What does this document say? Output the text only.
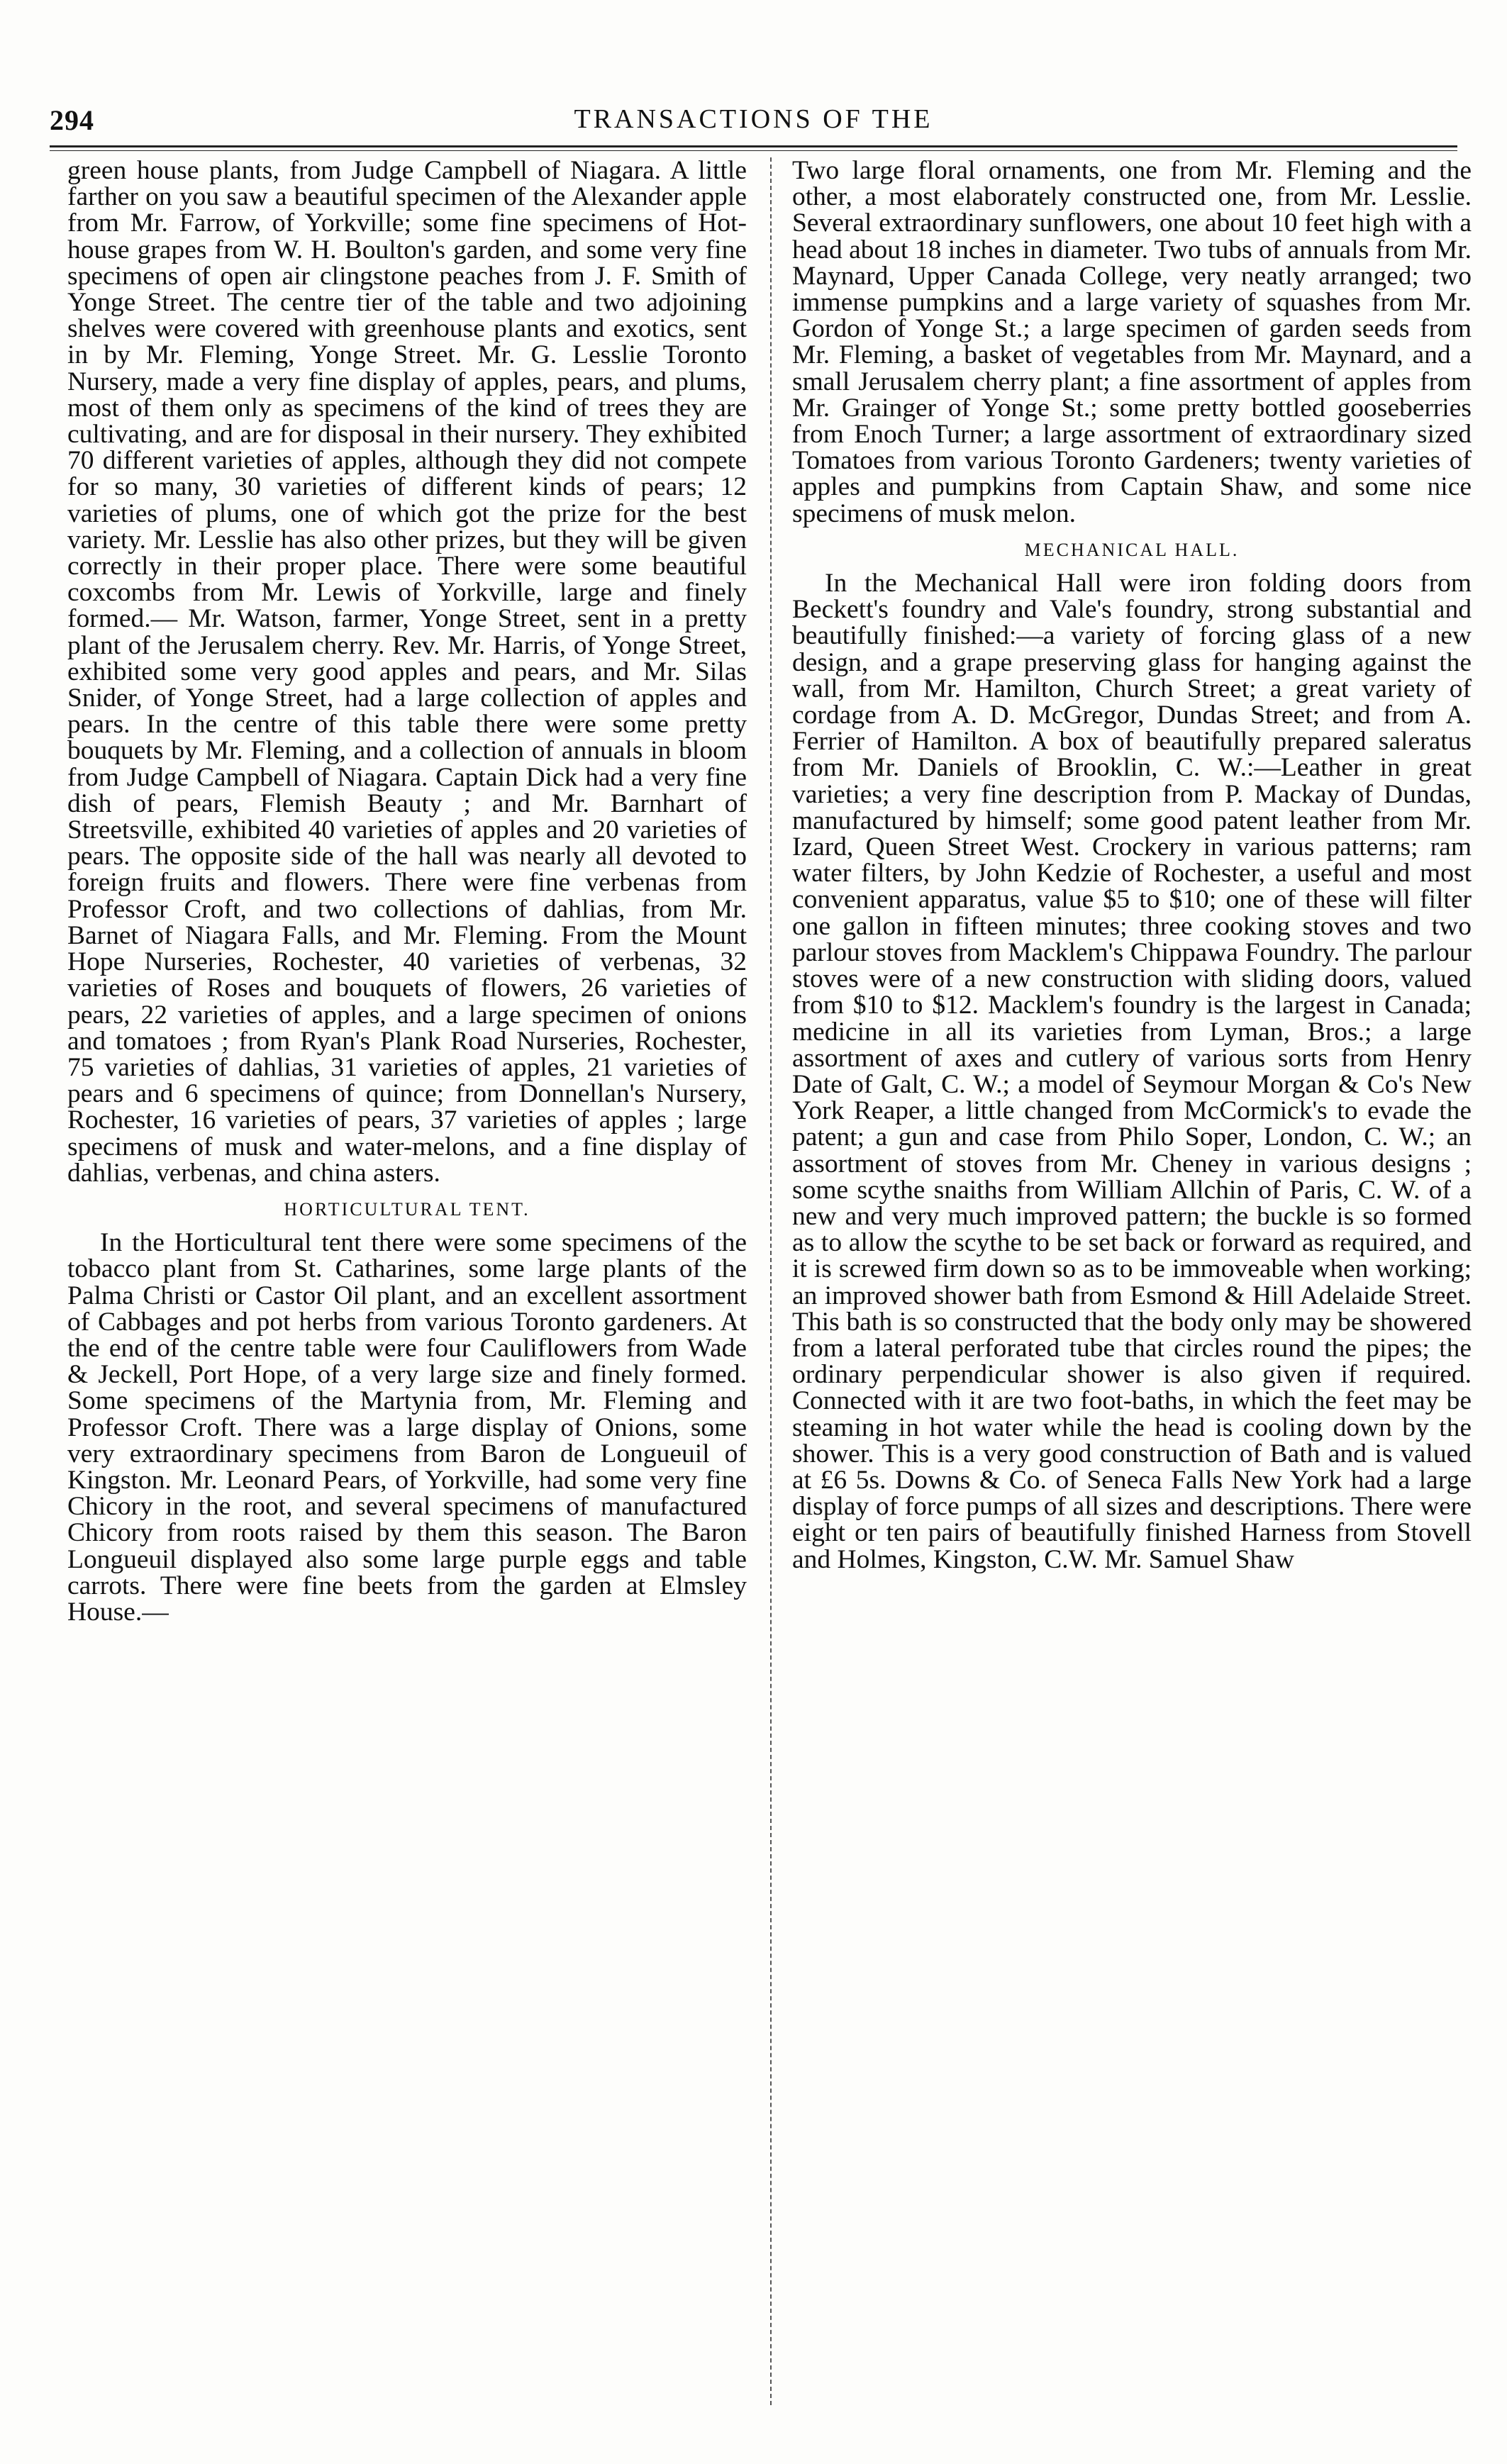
294	TRANSACTIONS OF THE

green house plants, from Judge Campbell of Niagara. A little farther on you saw a beautiful specimen of the Alexander apple from Mr. Farrow, of Yorkville; some fine specimens of Hot-house grapes from W. H. Boulton's garden, and some very fine specimens of open air clingstone peaches from J. F. Smith of Yonge Street. The centre tier of the table and two adjoining shelves were covered with greenhouse plants and exotics, sent in by Mr. Fleming, Yonge Street. Mr. G. Lesslie Toronto Nursery, made a very fine display of apples, pears, and plums, most of them only as specimens of the kind of trees they are cultivating, and are for disposal in their nursery. They exhibited 70 different varieties of apples, although they did not compete for so many, 30 varieties of different kinds of pears; 12 varieties of plums, one of which got the prize for the best variety. Mr. Lesslie has also other prizes, but they will be given correctly in their proper place. There were some beautiful coxcombs from Mr. Lewis of Yorkville, large and finely formed.— Mr. Watson, farmer, Yonge Street, sent in a pretty plant of the Jerusalem cherry. Rev. Mr. Harris, of Yonge Street, exhibited some very good apples and pears, and Mr. Silas Snider, of Yonge Street, had a large collection of apples and pears. In the centre of this table there were some pretty bouquets by Mr. Fleming, and a collection of annuals in bloom from Judge Campbell of Niagara. Captain Dick had a very fine dish of pears, Flemish Beauty ; and Mr. Barnhart of Streetsville, exhibited 40 varieties of apples and 20 varieties of pears. The opposite side of the hall was nearly all devoted to foreign fruits and flowers. There were fine verbenas from Professor Croft, and two collections of dahlias, from Mr. Barnet of Niagara Falls, and Mr. Fleming. From the Mount Hope Nurseries, Rochester, 40 varieties of verbenas, 32 varieties of Roses and bouquets of flowers, 26 varieties of pears, 22 varieties of apples, and a large specimen of onions and tomatoes ; from Ryan's Plank Road Nurseries, Rochester, 75 varieties of dahlias, 31 varieties of apples, 21 varieties of pears and 6 specimens of quince; from Donnellan's Nursery, Rochester, 16 varieties of pears, 37 varieties of apples ; large specimens of musk and water-melons, and a fine display of dahlias, verbenas, and china asters.

HORTICULTURAL TENT.

In the Horticultural tent there were some specimens of the tobacco plant from St. Catharines, some large plants of the Palma Christi or Castor Oil plant, and an excellent assortment of Cabbages and pot herbs from various Toronto gardeners. At the end of the centre table were four Cauliflowers from Wade & Jeckell, Port Hope, of a very large size and finely formed. Some specimens of the Martynia from, Mr. Fleming and Professor Croft. There was a large display of Onions, some very extraordinary specimens from Baron de Longueuil of Kingston. Mr. Leonard Pears, of Yorkville, had some very fine Chicory in the root, and several specimens of manufactured Chicory from roots raised by them this season. The Baron Longueuil displayed also some large purple eggs and table carrots. There were fine beets from the garden at Elmsley House.—

Two large floral ornaments, one from Mr. Fleming and the other, a most elaborately constructed one, from Mr. Lesslie. Several extraordinary sunflowers, one about 10 feet high with a head about 18 inches in diameter. Two tubs of annuals from Mr. Maynard, Upper Canada College, very neatly arranged; two immense pumpkins and a large variety of squashes from Mr. Gordon of Yonge St.; a large specimen of garden seeds from Mr. Fleming, a basket of vegetables from Mr. Maynard, and a small Jerusalem cherry plant; a fine assortment of apples from Mr. Grainger of Yonge St.; some pretty bottled gooseberries from Enoch Turner; a large assortment of extraordinary sized Tomatoes from various Toronto Gardeners; twenty varieties of apples and pumpkins from Captain Shaw, and some nice specimens of musk melon.

MECHANICAL HALL.

In the Mechanical Hall were iron folding doors from Beckett's foundry and Vale's foundry, strong substantial and beautifully finished:—a variety of forcing glass of a new design, and a grape preserving glass for hanging against the wall, from Mr. Hamilton, Church Street; a great variety of cordage from A. D. McGregor, Dundas Street; and from A. Ferrier of Hamilton. A box of beautifully prepared saleratus from Mr. Daniels of Brooklin, C. W.:—Leather in great varieties; a very fine description from P. Mackay of Dundas, manufactured by himself; some good patent leather from Mr. Izard, Queen Street West. Crockery in various patterns; ram water filters, by John Kedzie of Rochester, a useful and most convenient apparatus, value $5 to $10; one of these will filter one gallon in fifteen minutes; three cooking stoves and two parlour stoves from Macklem's Chippawa Foundry. The parlour stoves were of a new construction with sliding doors, valued from $10 to $12. Macklem's foundry is the largest in Canada; medicine in all its varieties from Lyman, Bros.; a large assortment of axes and cutlery of various sorts from Henry Date of Galt, C. W.; a model of Seymour Morgan & Co's New York Reaper, a little changed from McCormick's to evade the patent; a gun and case from Philo Soper, London, C. W.; an assortment of stoves from Mr. Cheney in various designs ; some scythe snaiths from William Allchin of Paris, C. W. of a new and very much improved pattern; the buckle is so formed as to allow the scythe to be set back or forward as required, and it is screwed firm down so as to be immoveable when working; an improved shower bath from Esmond & Hill Adelaide Street. This bath is so constructed that the body only may be showered from a lateral perforated tube that circles round the pipes; the ordinary perpendicular shower is also given if required. Connected with it are two foot-baths, in which the feet may be steaming in hot water while the head is cooling down by the shower. This is a very good construction of Bath and is valued at £6 5s. Downs & Co. of Seneca Falls New York had a large display of force pumps of all sizes and descriptions. There were eight or ten pairs of beautifully finished Harness from Stovell and Holmes, Kingston, C.W. Mr. Samuel Shaw
